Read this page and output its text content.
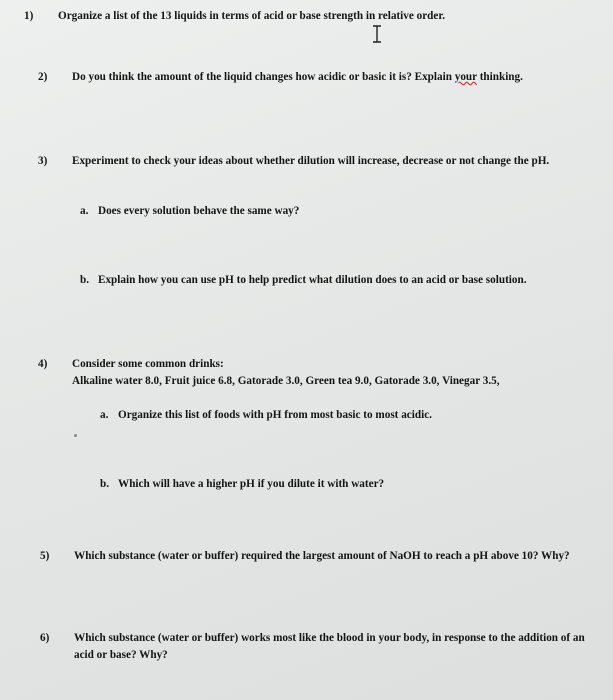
1) Organize a list of the 13 liquids in terms of acid or base strength in relative order.
2) Do you think the amount of the liquid changes how acidic or basic it is? Explain your thinking.
3) Experiment to check your ideas about whether dilution will increase, decrease or not change the pH.
a. Does every solution behave the same way?
b. Explain how you can use pH to help predict what dilution does to an acid or base solution.
4) Consider some common drinks:
Alkaline water 8.0, Fruit juice 6.8, Gatorade 3.0, Green tea 9.0, Gatorade 3.0, Vinegar 3.5,
a. Organize this list of foods with pH from most basic to most acidic.
b. Which will have a higher pH if you dilute it with water?
5) Which substance (water or buffer) required the largest amount of NaOH to reach a pH above 10? Why?
6) Which substance (water or buffer) works most like the blood in your body, in response to the addition of an acid or base? Why?
